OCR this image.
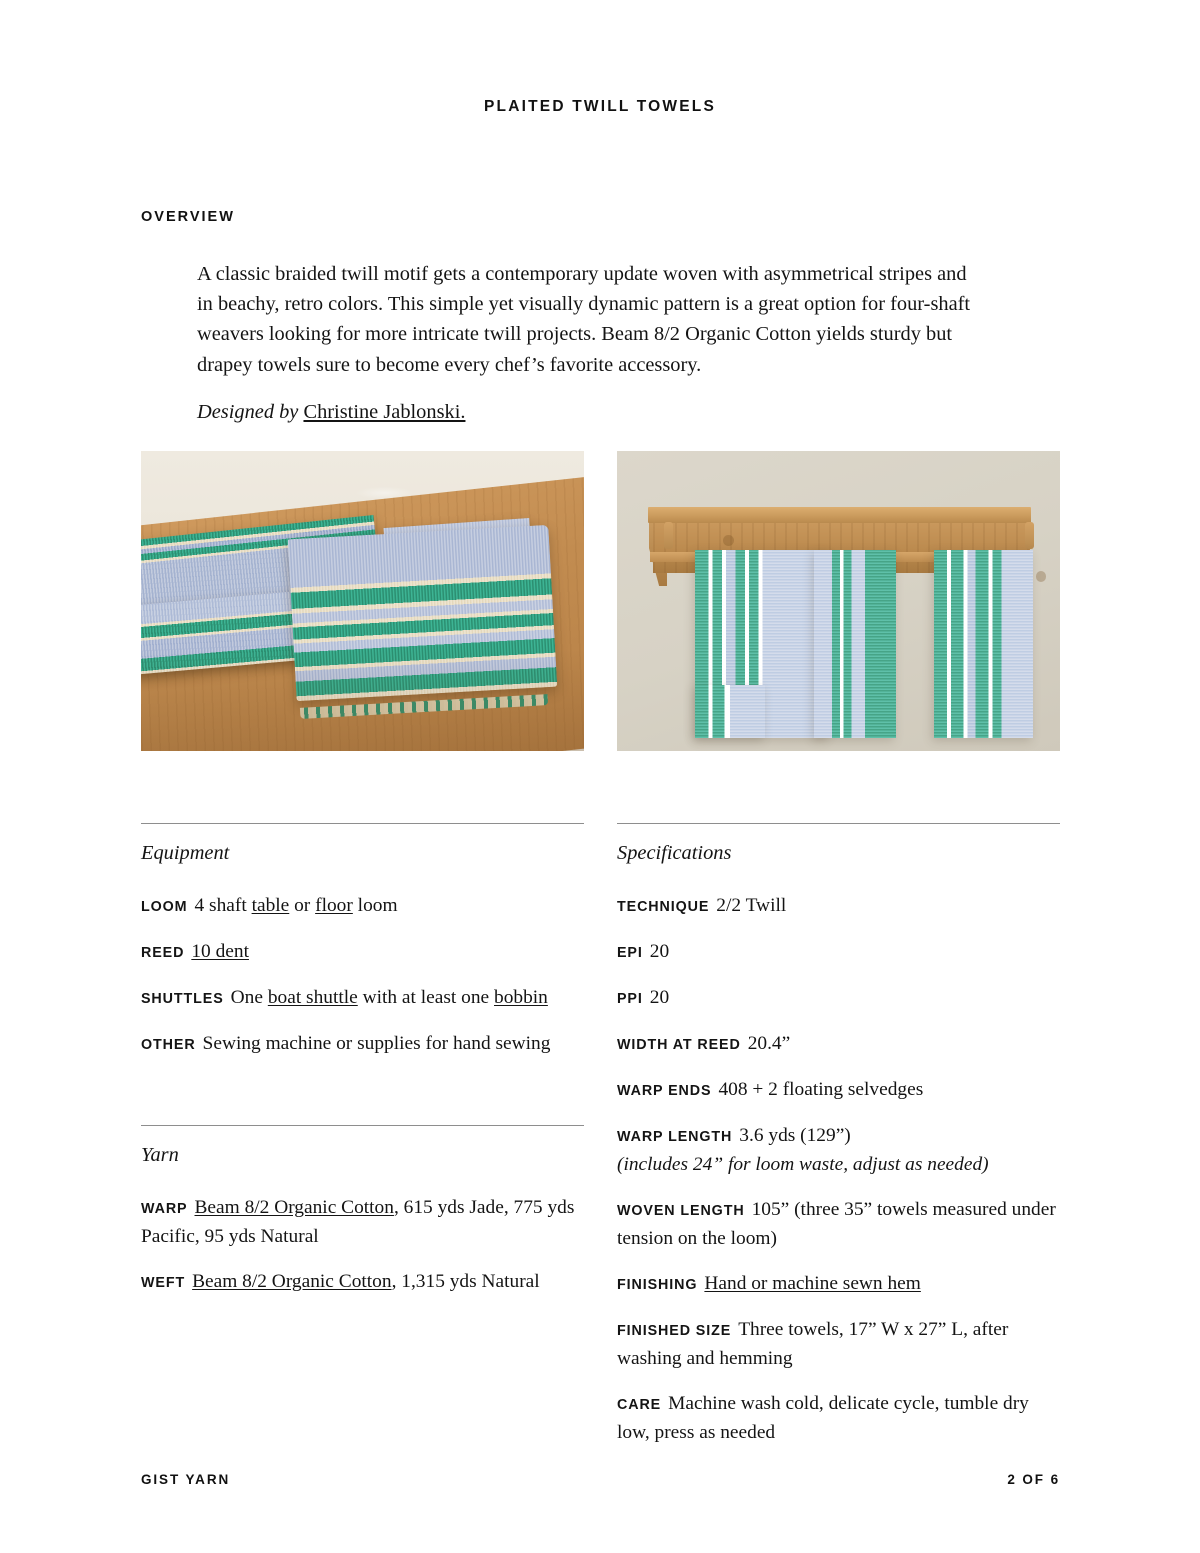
PLAITED TWILL TOWELS
OVERVIEW

A classic braided twill motif gets a contemporary update woven with asymmetrical stripes and in beachy, retro colors. This simple yet visually dynamic pattern is a great option for four-shaft weavers looking for more intricate twill projects. Beam 8/2 Organic Cotton yields sturdy but drapey towels sure to become every chef’s favorite accessory.

Designed by Christine Jablonski.

Equipment
LOOM 4 shaft table or floor loom
REED 10 dent
SHUTTLES One boat shuttle with at least one bobbin
OTHER Sewing machine or supplies for hand sewing
Yarn
WARP Beam 8/2 Organic Cotton, 615 yds Jade, 775 yds Pacific, 95 yds Natural
WEFT Beam 8/2 Organic Cotton, 1,315 yds Natural
Specifications
TECHNIQUE 2/2 Twill
EPI 20
PPI 20
WIDTH AT REED 20.4”
WARP ENDS 408 + 2 floating selvedges
WARP LENGTH 3.6 yds (129”)
(includes 24” for loom waste, adjust as needed)
WOVEN LENGTH 105” (three 35” towels measured under tension on the loom)
FINISHING Hand or machine sewn hem
FINISHED SIZE Three towels, 17” W x 27” L, after washing and hemming
CARE Machine wash cold, delicate cycle, tumble dry low, press as needed
GIST YARN	2 OF 6
